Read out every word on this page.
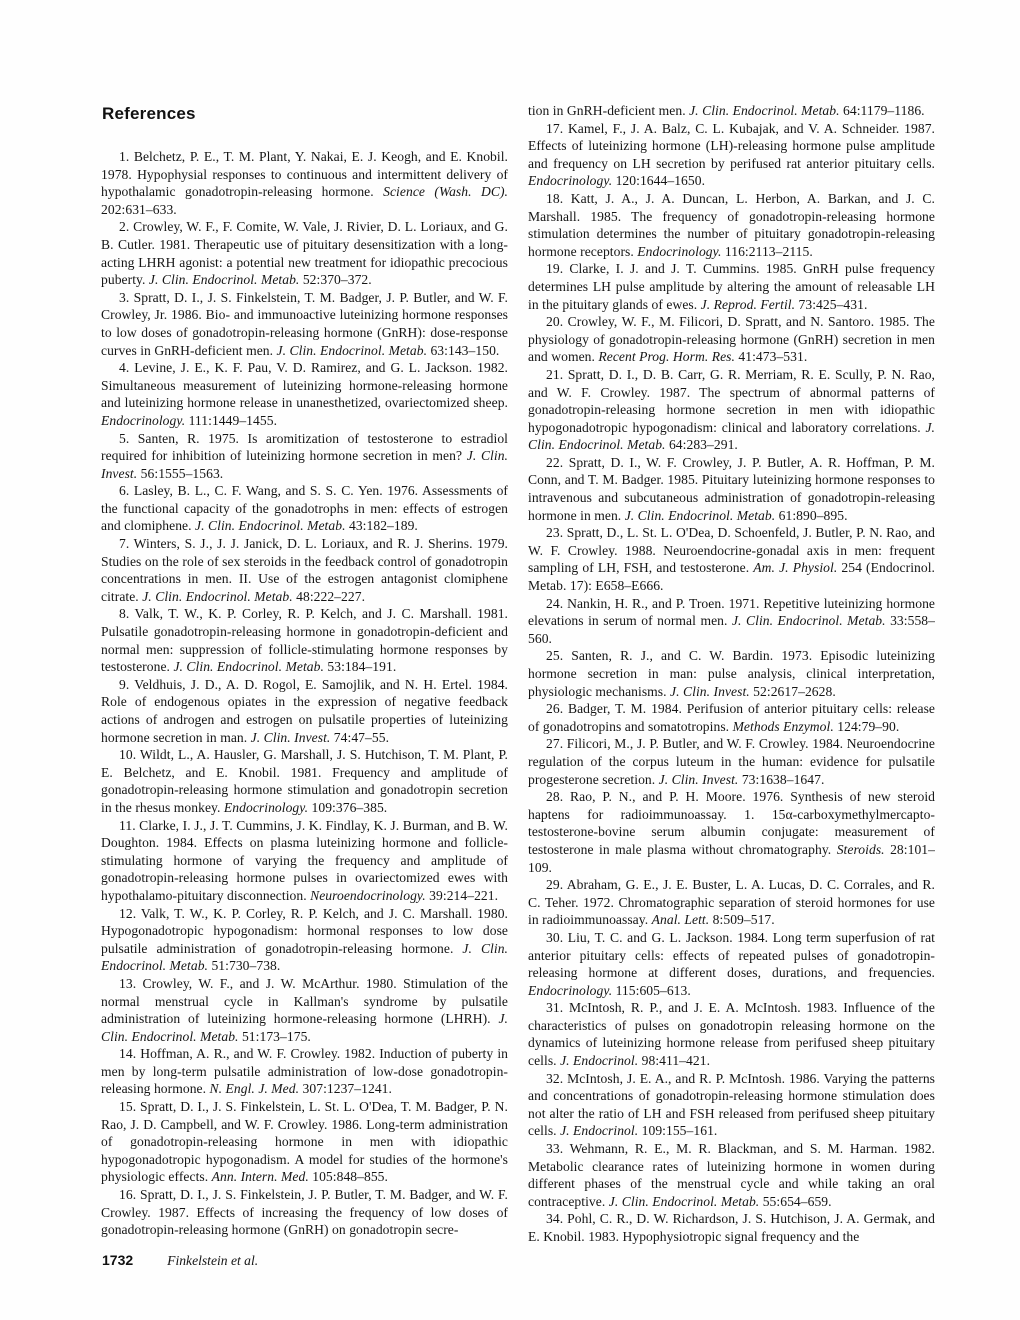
References

1. Belchetz, P. E., T. M. Plant, Y. Nakai, E. J. Keogh, and E. Knobil. 1978. Hypophysial responses to continuous and intermittent delivery of hypothalamic gonadotropin-releasing hormone. Science (Wash. DC). 202:631–633.

2. Crowley, W. F., F. Comite, W. Vale, J. Rivier, D. L. Loriaux, and G. B. Cutler. 1981. Therapeutic use of pituitary desensitization with a long-acting LHRH agonist: a potential new treatment for idiopathic precocious puberty. J. Clin. Endocrinol. Metab. 52:370–372.

3. Spratt, D. I., J. S. Finkelstein, T. M. Badger, J. P. Butler, and W. F. Crowley, Jr. 1986. Bio- and immunoactive luteinizing hormone responses to low doses of gonadotropin-releasing hormone (GnRH): dose-response curves in GnRH-deficient men. J. Clin. Endocrinol. Metab. 63:143–150.

4. Levine, J. E., K. F. Pau, V. D. Ramirez, and G. L. Jackson. 1982. Simultaneous measurement of luteinizing hormone-releasing hormone and luteinizing hormone release in unanesthetized, ovariectomized sheep. Endocrinology. 111:1449–1455.

5. Santen, R. 1975. Is aromitization of testosterone to estradiol required for inhibition of luteinizing hormone secretion in men? J. Clin. Invest. 56:1555–1563.

6. Lasley, B. L., C. F. Wang, and S. S. C. Yen. 1976. Assessments of the functional capacity of the gonadotrophs in men: effects of estrogen and clomiphene. J. Clin. Endocrinol. Metab. 43:182–189.

7. Winters, S. J., J. J. Janick, D. L. Loriaux, and R. J. Sherins. 1979. Studies on the role of sex steroids in the feedback control of gonadotropin concentrations in men. II. Use of the estrogen antagonist clomiphene citrate. J. Clin. Endocrinol. Metab. 48:222–227.

8. Valk, T. W., K. P. Corley, R. P. Kelch, and J. C. Marshall. 1981. Pulsatile gonadotropin-releasing hormone in gonadotropin-deficient and normal men: suppression of follicle-stimulating hormone responses by testosterone. J. Clin. Endocrinol. Metab. 53:184–191.

9. Veldhuis, J. D., A. D. Rogol, E. Samojlik, and N. H. Ertel. 1984. Role of endogenous opiates in the expression of negative feedback actions of androgen and estrogen on pulsatile properties of luteinizing hormone secretion in man. J. Clin. Invest. 74:47–55.

10. Wildt, L., A. Hausler, G. Marshall, J. S. Hutchison, T. M. Plant, P. E. Belchetz, and E. Knobil. 1981. Frequency and amplitude of gonadotropin-releasing hormone stimulation and gonadotropin secretion in the rhesus monkey. Endocrinology. 109:376–385.

11. Clarke, I. J., J. T. Cummins, J. K. Findlay, K. J. Burman, and B. W. Doughton. 1984. Effects on plasma luteinizing hormone and follicle-stimulating hormone of varying the frequency and amplitude of gonadotropin-releasing hormone pulses in ovariectomized ewes with hypothalamo-pituitary disconnection. Neuroendocrinology. 39:214–221.

12. Valk, T. W., K. P. Corley, R. P. Kelch, and J. C. Marshall. 1980. Hypogonadotropic hypogonadism: hormonal responses to low dose pulsatile administration of gonadotropin-releasing hormone. J. Clin. Endocrinol. Metab. 51:730–738.

13. Crowley, W. F., and J. W. McArthur. 1980. Stimulation of the normal menstrual cycle in Kallman's syndrome by pulsatile administration of luteinizing hormone-releasing hormone (LHRH). J. Clin. Endocrinol. Metab. 51:173–175.

14. Hoffman, A. R., and W. F. Crowley. 1982. Induction of puberty in men by long-term pulsatile administration of low-dose gonadotropin-releasing hormone. N. Engl. J. Med. 307:1237–1241.

15. Spratt, D. I., J. S. Finkelstein, L. St. L. O'Dea, T. M. Badger, P. N. Rao, J. D. Campbell, and W. F. Crowley. 1986. Long-term administration of gonadotropin-releasing hormone in men with idiopathic hypogonadotropic hypogonadism. A model for studies of the hormone's physiologic effects. Ann. Intern. Med. 105:848–855.

16. Spratt, D. I., J. S. Finkelstein, J. P. Butler, T. M. Badger, and W. F. Crowley. 1987. Effects of increasing the frequency of low doses of gonadotropin-releasing hormone (GnRH) on gonadotropin secre-

tion in GnRH-deficient men. J. Clin. Endocrinol. Metab. 64:1179–1186.

17. Kamel, F., J. A. Balz, C. L. Kubajak, and V. A. Schneider. 1987. Effects of luteinizing hormone (LH)-releasing hormone pulse amplitude and frequency on LH secretion by perifused rat anterior pituitary cells. Endocrinology. 120:1644–1650.

18. Katt, J. A., J. A. Duncan, L. Herbon, A. Barkan, and J. C. Marshall. 1985. The frequency of gonadotropin-releasing hormone stimulation determines the number of pituitary gonadotropin-releasing hormone receptors. Endocrinology. 116:2113–2115.

19. Clarke, I. J. and J. T. Cummins. 1985. GnRH pulse frequency determines LH pulse amplitude by altering the amount of releasable LH in the pituitary glands of ewes. J. Reprod. Fertil. 73:425–431.

20. Crowley, W. F., M. Filicori, D. Spratt, and N. Santoro. 1985. The physiology of gonadotropin-releasing hormone (GnRH) secretion in men and women. Recent Prog. Horm. Res. 41:473–531.

21. Spratt, D. I., D. B. Carr, G. R. Merriam, R. E. Scully, P. N. Rao, and W. F. Crowley. 1987. The spectrum of abnormal patterns of gonadotropin-releasing hormone secretion in men with idiopathic hypogonadotropic hypogonadism: clinical and laboratory correlations. J. Clin. Endocrinol. Metab. 64:283–291.

22. Spratt, D. I., W. F. Crowley, J. P. Butler, A. R. Hoffman, P. M. Conn, and T. M. Badger. 1985. Pituitary luteinizing hormone responses to intravenous and subcutaneous administration of gonadotropin-releasing hormone in men. J. Clin. Endocrinol. Metab. 61:890–895.

23. Spratt, D., L. St. L. O'Dea, D. Schoenfeld, J. Butler, P. N. Rao, and W. F. Crowley. 1988. Neuroendocrine-gonadal axis in men: frequent sampling of LH, FSH, and testosterone. Am. J. Physiol. 254 (Endocrinol. Metab. 17): E658–E666.

24. Nankin, H. R., and P. Troen. 1971. Repetitive luteinizing hormone elevations in serum of normal men. J. Clin. Endocrinol. Metab. 33:558–560.

25. Santen, R. J., and C. W. Bardin. 1973. Episodic luteinizing hormone secretion in man: pulse analysis, clinical interpretation, physiologic mechanisms. J. Clin. Invest. 52:2617–2628.

26. Badger, T. M. 1984. Perifusion of anterior pituitary cells: release of gonadotropins and somatotropins. Methods Enzymol. 124:79–90.

27. Filicori, M., J. P. Butler, and W. F. Crowley. 1984. Neuroendocrine regulation of the corpus luteum in the human: evidence for pulsatile progesterone secretion. J. Clin. Invest. 73:1638–1647.

28. Rao, P. N., and P. H. Moore. 1976. Synthesis of new steroid haptens for radioimmunoassay. 1. 15α-carboxymethylmercapto-testosterone-bovine serum albumin conjugate: measurement of testosterone in male plasma without chromatography. Steroids. 28:101–109.

29. Abraham, G. E., J. E. Buster, L. A. Lucas, D. C. Corrales, and R. C. Teher. 1972. Chromatographic separation of steroid hormones for use in radioimmunoassay. Anal. Lett. 8:509–517.

30. Liu, T. C. and G. L. Jackson. 1984. Long term superfusion of rat anterior pituitary cells: effects of repeated pulses of gonadotropin-releasing hormone at different doses, durations, and frequencies. Endocrinology. 115:605–613.

31. McIntosh, R. P., and J. E. A. McIntosh. 1983. Influence of the characteristics of pulses on gonadotropin releasing hormone on the dynamics of luteinizing hormone release from perifused sheep pituitary cells. J. Endocrinol. 98:411–421.

32. McIntosh, J. E. A., and R. P. McIntosh. 1986. Varying the patterns and concentrations of gonadotropin-releasing hormone stimulation does not alter the ratio of LH and FSH released from perifused sheep pituitary cells. J. Endocrinol. 109:155–161.

33. Wehmann, R. E., M. R. Blackman, and S. M. Harman. 1982. Metabolic clearance rates of luteinizing hormone in women during different phases of the menstrual cycle and while taking an oral contraceptive. J. Clin. Endocrinol. Metab. 55:654–659.

34. Pohl, C. R., D. W. Richardson, J. S. Hutchison, J. A. Germak, and E. Knobil. 1983. Hypophysiotropic signal frequency and the

1732	Finkelstein et al.
